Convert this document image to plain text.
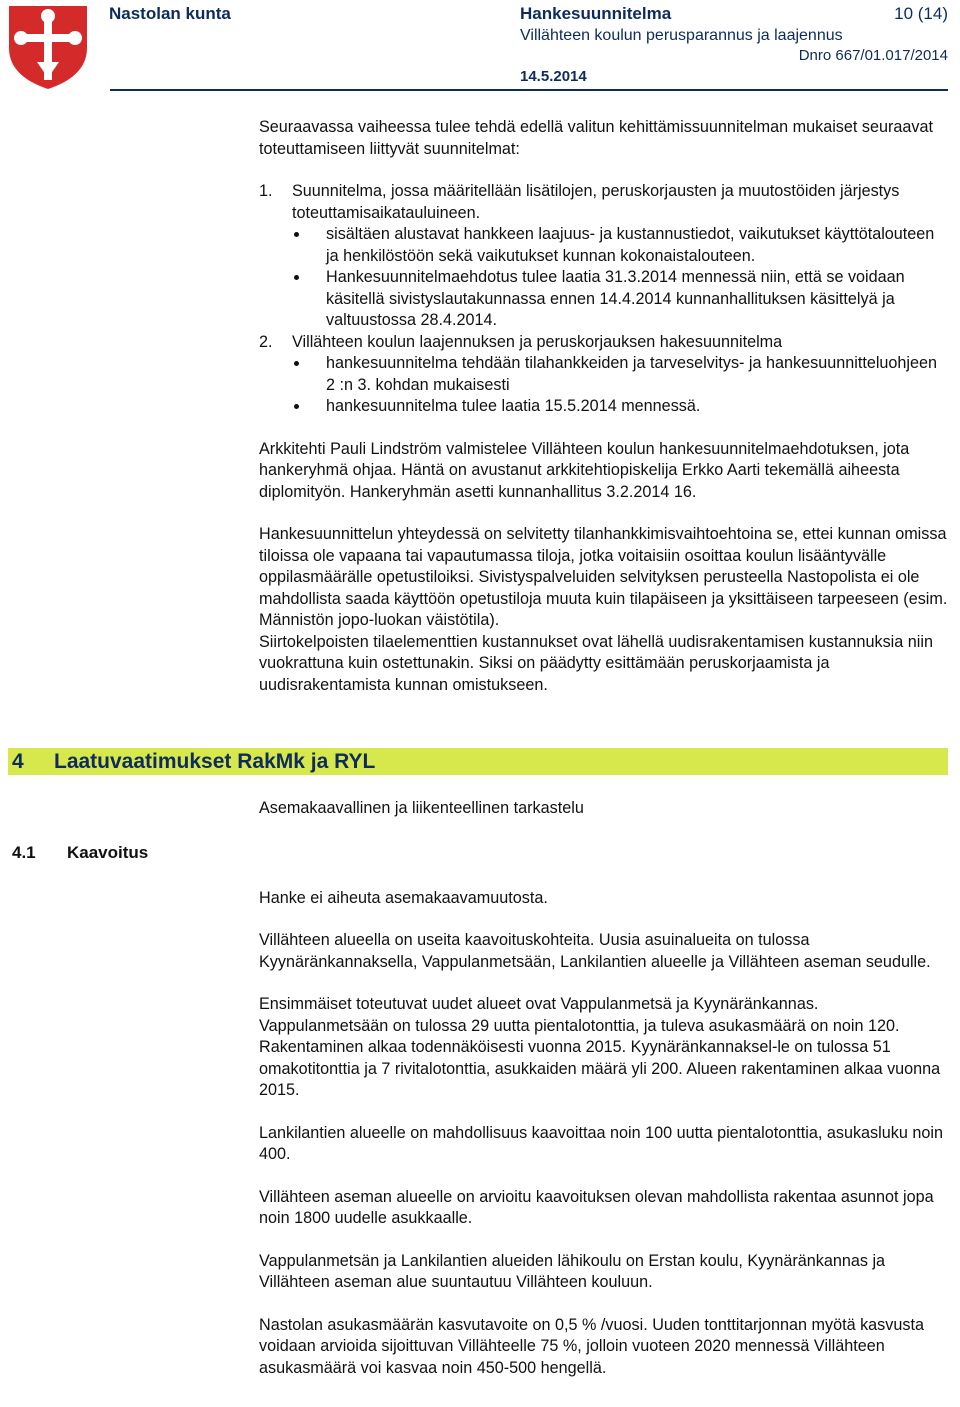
Nastolan kunta	Hankesuunnitelma	10 (14)
Villähteen koulun perusparannus ja laajennus
Dnro 667/01.017/2014
14.5.2014

Seuraavassa vaiheessa tulee tehdä edellä valitun kehittämissuunnitelman mukaiset seuraavat toteuttamiseen liittyvät suunnitelmat:

1.	Suunnitelma, jossa määritellään lisätilojen, peruskorjausten ja muutostöiden järjestys toteuttamisaikatauluineen.
sisältäen alustavat hankkeen laajuus- ja kustannustiedot, vaikutukset käyttötalouteen ja henkilöstöön sekä vaikutukset kunnan kokonaistalouteen.
Hankesuunnitelmaehdotus tulee laatia 31.3.2014 mennessä niin, että se voidaan käsitellä sivistyslautakunnassa ennen 14.4.2014 kunnanhallituksen käsittelyä ja valtuustossa 28.4.2014.
2.	Villähteen koulun laajennuksen ja peruskorjauksen hakesuunnitelma
hankesuunnitelma tehdään tilahankkeiden ja tarveselvitys- ja hankesuunnitteluohjeen 2 :n 3. kohdan mukaisesti
hankesuunnitelma tulee laatia 15.5.2014 mennessä.

Arkkitehti Pauli Lindström valmistelee Villähteen koulun hankesuunnitelmaehdotuksen, jota hankeryhmä ohjaa. Häntä on avustanut arkkitehtiopiskelija Erkko Aarti tekemällä aiheesta diplomityön. Hankeryhmän asetti kunnanhallitus 3.2.2014 16.

Hankesuunnittelun yhteydessä on selvitetty tilanhankkimisvaihtoehtoina se, ettei kunnan omissa tiloissa ole vapaana tai vapautumassa tiloja, jotka voitaisiin osoittaa koulun lisääntyvälle oppilasmäärälle opetustiloiksi. Sivistyspalveluiden selvityksen perusteella Nastopolista ei ole mahdollista saada käyttöön opetustiloja muuta kuin tilapäiseen ja yksittäiseen tarpeeseen (esim. Männistön jopo-luokan väistötila).

Siirtokelpoisten tilaelementtien kustannukset ovat lähellä uudisrakentamisen kustannuksia niin vuokrattuna kuin ostettunakin. Siksi on päädytty esittämään peruskorjaamista ja uudisrakentamista kunnan omistukseen.

4 Laatuvaatimukset RakMk ja RYL
4.1 Kaavoitus

Asemakaavallinen ja liikenteellinen tarkastelu

Hanke ei aiheuta asemakaavamuutosta.

Villähteen alueella on useita kaavoituskohteita. Uusia asuinalueita on tulossa Kyynäränkannaksella, Vappulanmetsään, Lankilantien alueelle ja Villähteen aseman seudulle.

Ensimmäiset toteutuvat uudet alueet ovat Vappulanmetsä ja Kyynäränkannas. Vappulanmetsään on tulossa 29 uutta pientalotonttia, ja tuleva asukasmäärä on noin 120. Rakentaminen alkaa todennäköisesti vuonna 2015. Kyynäränkannaksel-le on tulossa 51 omakotitonttia ja 7 rivitalotonttia, asukkaiden määrä yli 200. Alueen rakentaminen alkaa vuonna 2015.

Lankilantien alueelle on mahdollisuus kaavoittaa noin 100 uutta pientalotonttia, asukasluku noin 400.

Villähteen aseman alueelle on arvioitu kaavoituksen olevan mahdollista rakentaa asunnot jopa noin 1800 uudelle asukkaalle.

Vappulanmetsän ja Lankilantien alueiden lähikoulu on Erstan koulu, Kyynäränkannas ja Villähteen aseman alue suuntautuu Villähteen kouluun.

Nastolan asukasmäärän kasvutavoite on 0,5 % /vuosi. Uuden tonttitarjonnan myötä kasvusta voidaan arvioida sijoittuvan Villähteelle 75 %, jolloin vuoteen 2020 mennessä Villähteen asukasmäärä voi kasvaa noin 450-500 hengellä.
